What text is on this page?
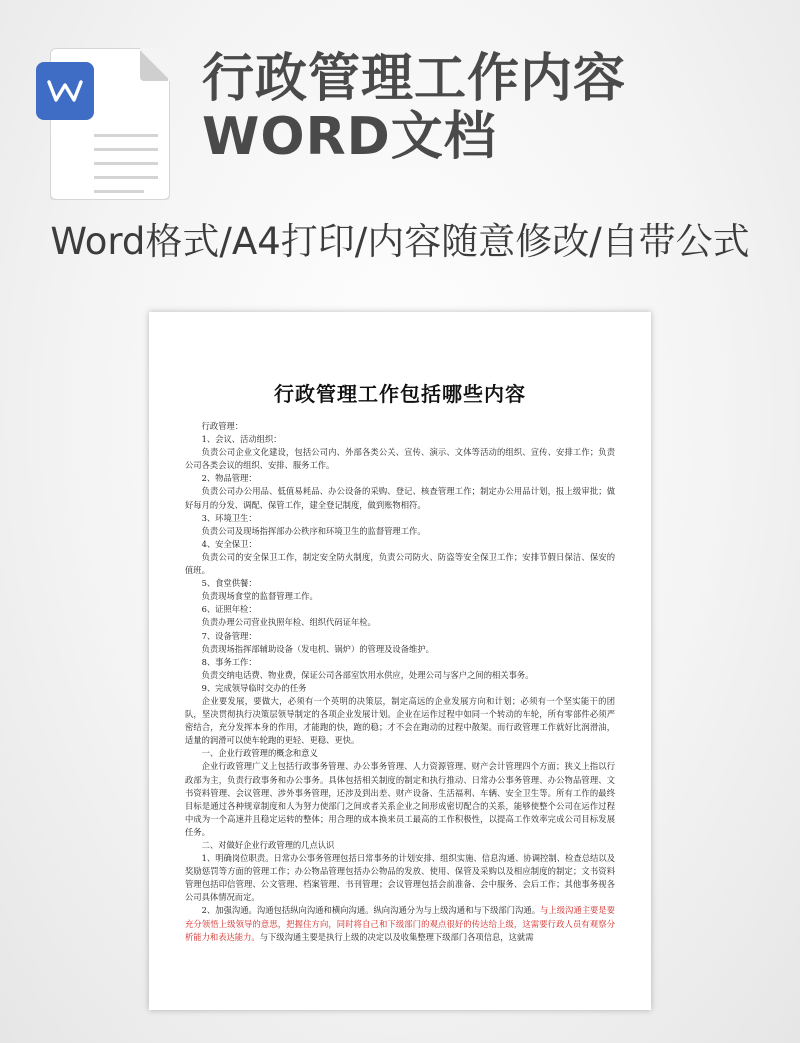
行政管理工作内容WORD文档
Word格式/A4打印/内容随意修改/自带公式
行政管理工作包括哪些内容

行政管理：

1、会议、活动组织：

负责公司企业文化建设，包括公司内、外部各类公关、宣传、演示、文体等活动的组织、宣传、安排工作；负责公司各类会议的组织、安排、服务工作。

2、物品管理：

负责公司办公用品、低值易耗品、办公设备的采购、登记、核查管理工作；制定办公用品计划，报上级审批；做好每月的分发、调配、保管工作，建全登记制度，做到账物相符。

3、环境卫生：

负责公司及现场指挥部办公秩序和环境卫生的监督管理工作。

4、安全保卫：

负责公司的安全保卫工作，制定安全防火制度，负责公司防火、防盗等安全保卫工作；安排节假日保洁、保安的值班。

5、食堂供餐：

负责现场食堂的监督管理工作。

6、证照年检：

负责办理公司营业执照年检、组织代码证年检。

7、设备管理：

负责现场指挥部辅助设备（发电机、锅炉）的管理及设备维护。

8、事务工作：

负责交纳电话费、物业费，保证公司各部室饮用水供应，处理公司与客户之间的相关事务。

9、完成领导临时交办的任务

企业要发展，要做大，必须有一个英明的决策层，制定高远的企业发展方向和计划；必须有一个坚实能干的团队，坚决贯彻执行决策层领导制定的各项企业发展计划。企业在运作过程中如同一个转动的车轮，所有零部件必须严密结合，充分发挥本身的作用，才能跑的快，跑的稳；才不会在跑动的过程中散架。而行政管理工作就好比润滑油，适量的润滑可以使车轮跑的更轻、更稳、更快。

一、企业行政管理的概念和意义

企业行政管理广义上包括行政事务管理、办公事务管理、人力资源管理、财产会计管理四个方面；狭义上指以行政部为主，负责行政事务和办公事务。具体包括相关制度的制定和执行推动、日常办公事务管理、办公物品管理、文书资料管理、会议管理、涉外事务管理，还涉及到出差、财产设备、生活福利、车辆、安全卫生等。所有工作的最终目标是通过各种规章制度和人为努力使部门之间或者关系企业之间形成密切配合的关系，能够使整个公司在运作过程中成为一个高速并且稳定运转的整体；用合理的成本换来员工最高的工作积极性，以提高工作效率完成公司目标发展任务。

二、对做好企业行政管理的几点认识

1、明确岗位职责。日常办公事务管理包括日常事务的计划安排、组织实施、信息沟通、协调控制、检查总结以及奖励惩罚等方面的管理工作；办公物品管理包括办公物品的发放、使用、保管及采购以及相应制度的制定；文书资料管理包括印信管理、公文管理、档案管理、书刊管理；会议管理包括会前准备、会中服务、会后工作；其他事务视各公司具体情况而定。

2、加强沟通。沟通包括纵向沟通和横向沟通。纵向沟通分为与上级沟通和与下级部门沟通。与上级沟通主要是要充分领悟上级领导的意思，把握住方向，同时将自己和下级部门的观点很好的传达给上级，这需要行政人员有观察分析能力和表达能力。与下级沟通主要是执行上级的决定以及收集整理下级部门各项信息，这就需
